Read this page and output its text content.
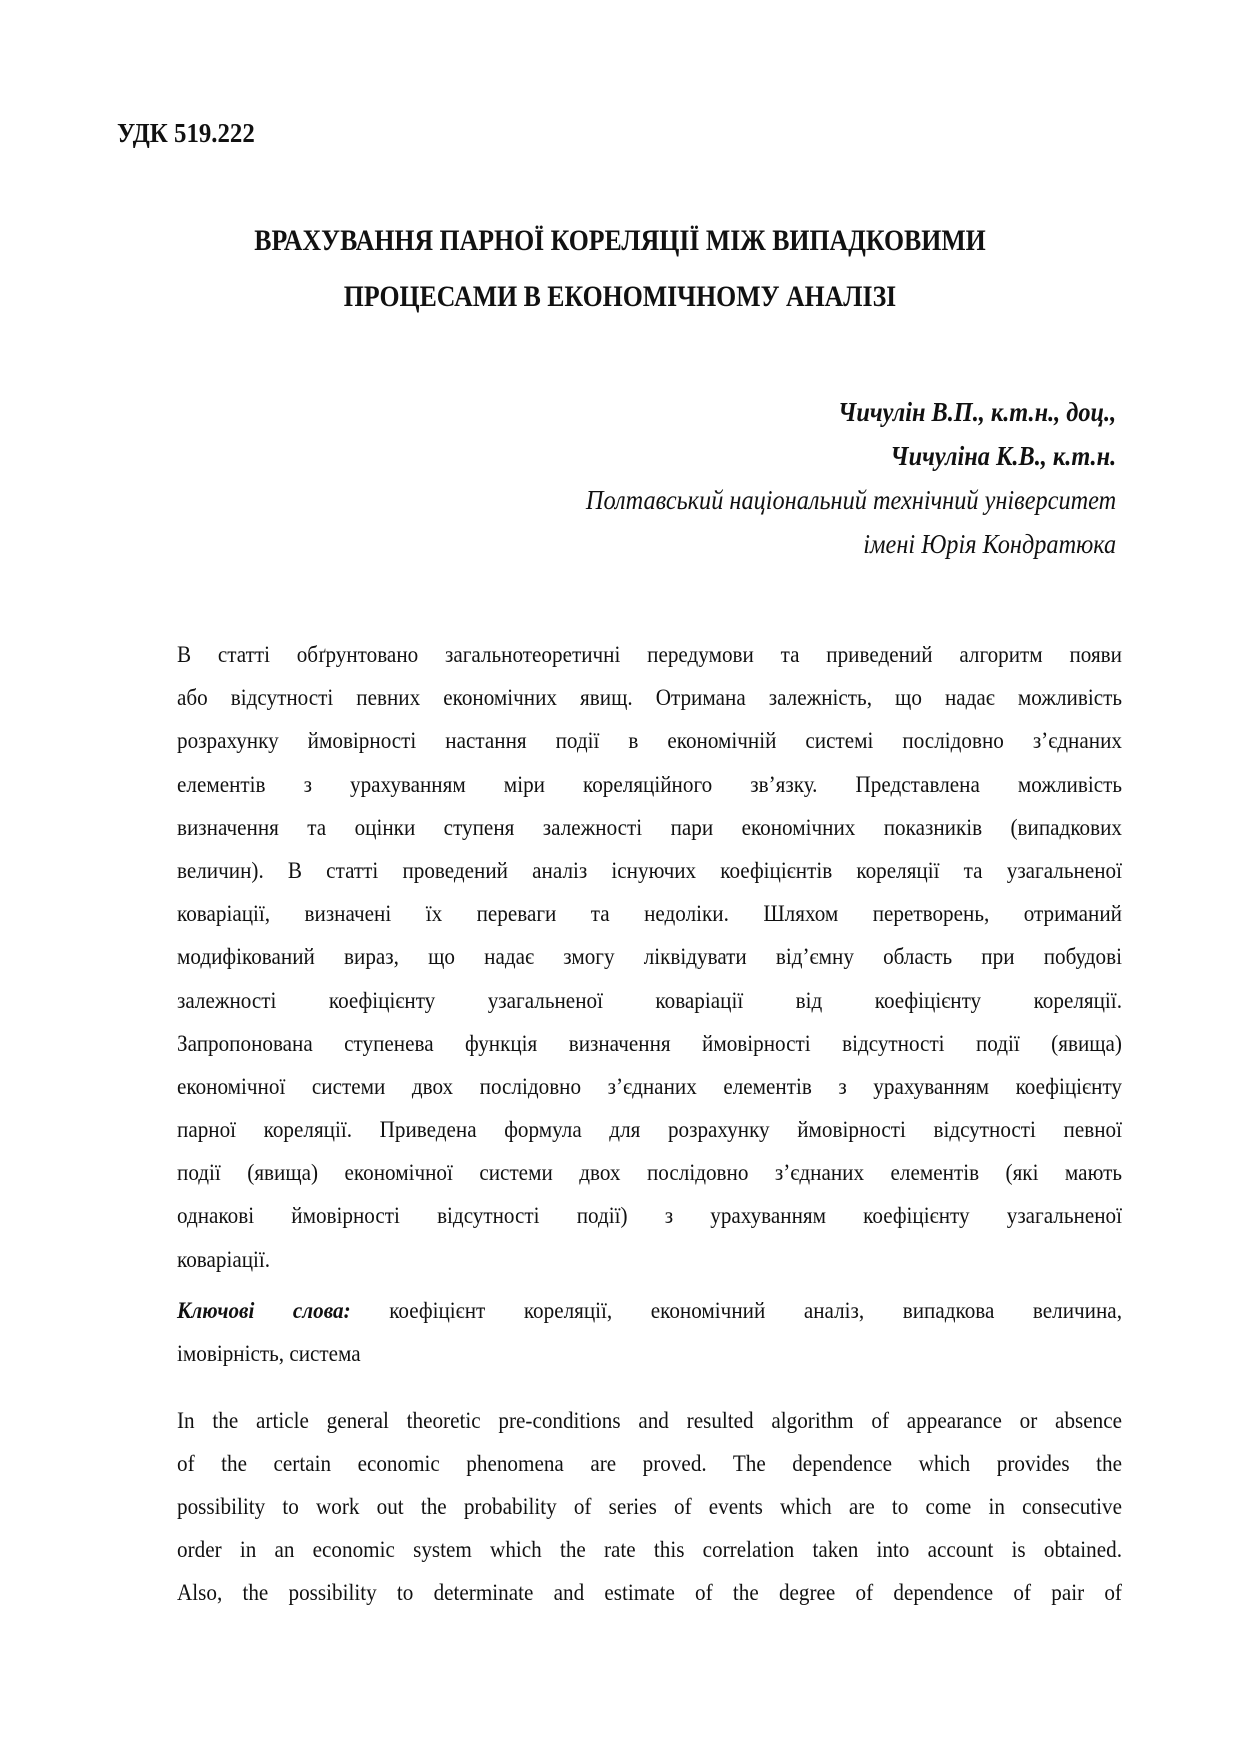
УДК 519.222
ВРАХУВАННЯ ПАРНОЇ КОРЕЛЯЦІЇ МІЖ ВИПАДКОВИМИ
ПРОЦЕСАМИ В ЕКОНОМІЧНОМУ АНАЛІЗІ
Чичулін В.П., к.т.н., доц.,
Чичуліна К.В., к.т.н.
Полтавський національний технічний університет
імені Юрія Кондратюка
В статті обґрунтовано загальнотеоретичні передумови та приведений алгоритм появи
або відсутності певних економічних явищ. Отримана залежність, що надає можливість
розрахунку ймовірності настання події в економічній системі послідовно з’єднаних
елементів з урахуванням міри кореляційного зв’язку. Представлена можливість
визначення та оцінки ступеня залежності пари економічних показників (випадкових
величин). В статті проведений аналіз існуючих коефіцієнтів кореляції та узагальненої
коваріації, визначені їх переваги та недоліки. Шляхом перетворень, отриманий
модифікований вираз, що надає змогу ліквідувати від’ємну область при побудові
залежності коефіцієнту узагальненої коваріації від коефіцієнту кореляції.
Запропонована ступенева функція визначення ймовірності відсутності події (явища)
економічної системи двох послідовно з’єднаних елементів з урахуванням коефіцієнту
парної кореляції. Приведена формула для розрахунку ймовірності відсутності певної
події (явища) економічної системи двох послідовно з’єднаних елементів (які мають
однакові ймовірності відсутності події) з урахуванням коефіцієнту узагальненої
коваріації.
Ключові слова: коефіцієнт кореляції, економічний аналіз, випадкова величина,
імовірність, система
In the article general theoretic pre-conditions and resulted algorithm of appearance or absence
of the certain economic phenomena are proved. The dependence which provides the
possibility to work out the probability of series of events which are to come in consecutive
order in an economic system which the rate this correlation taken into account is obtained.
Also, the possibility to determinate and estimate of the degree of dependence of pair of
